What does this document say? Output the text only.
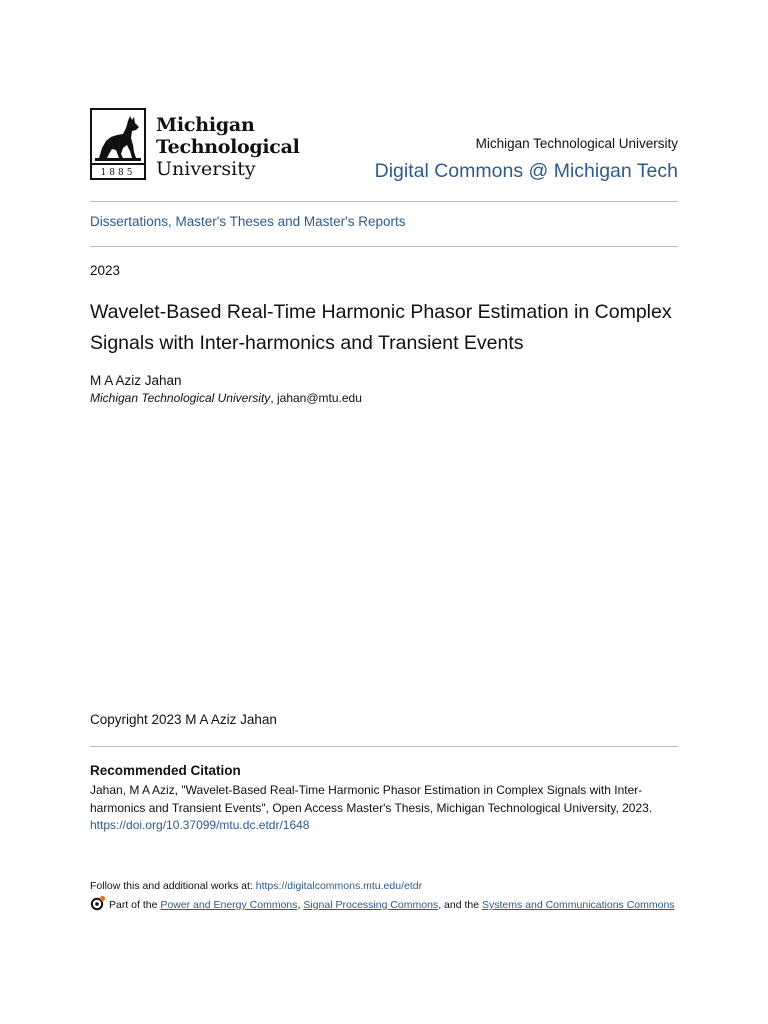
1885
Michigan
Technological
University
Michigan Technological University
Digital Commons @ Michigan Tech
Dissertations, Master's Theses and Master's Reports
2023
Wavelet-Based Real-Time Harmonic Phasor Estimation in Complex Signals with Inter-harmonics and Transient Events
M A Aziz Jahan
Michigan Technological University, jahan@mtu.edu
Copyright 2023 M A Aziz Jahan
Recommended Citation
Jahan, M A Aziz, "Wavelet-Based Real-Time Harmonic Phasor Estimation in Complex Signals with Inter-harmonics and Transient Events", Open Access Master's Thesis, Michigan Technological University, 2023.
https://doi.org/10.37099/mtu.dc.etdr/1648
Follow this and additional works at: https://digitalcommons.mtu.edu/etdr
Part of the Power and Energy Commons, Signal Processing Commons, and the Systems and Communications Commons
